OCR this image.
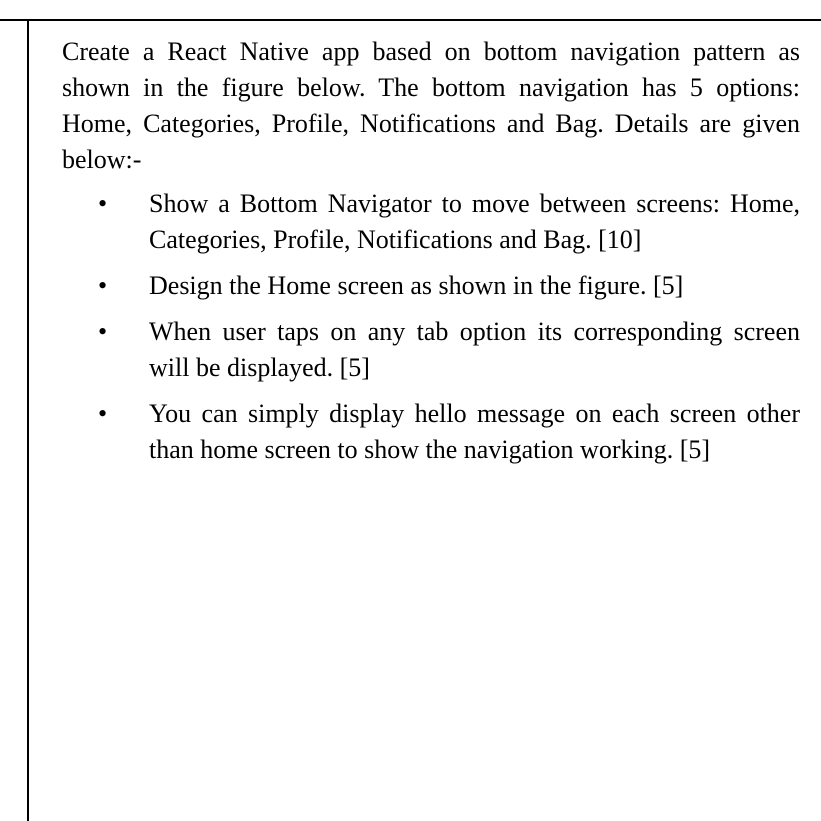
Create a React Native app based on bottom navigation pattern as shown in the figure below. The bottom navigation has 5 options: Home, Categories, Profile, Notifications and Bag. Details are given below:-

• Show a Bottom Navigator to move between screens: Home, Categories, Profile, Notifications and Bag. [10]
• Design the Home screen as shown in the figure. [5]
• When user taps on any tab option its corresponding screen will be displayed. [5]
• You can simply display hello message on each screen other than home screen to show the navigation working. [5]
